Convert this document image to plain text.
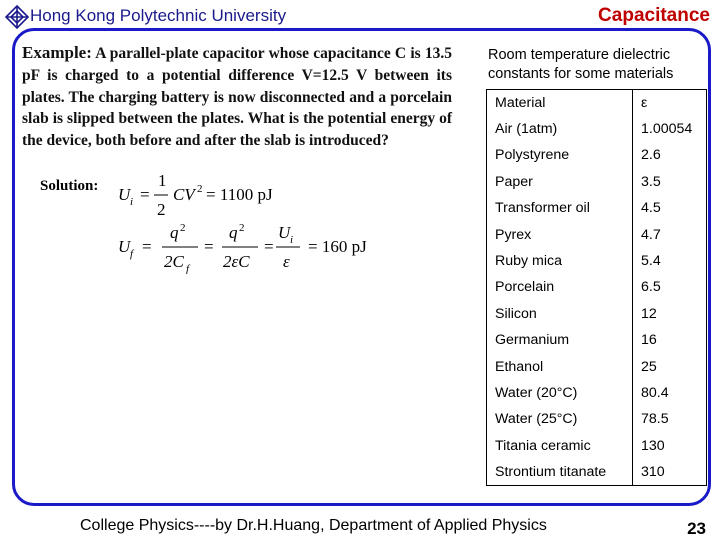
Hong Kong Polytechnic University	Capacitance
Example: A parallel-plate capacitor whose capacitance C is 13.5 pF is charged to a potential difference V=12.5 V between its plates. The charging battery is now disconnected and a porcelain slab is slipped between the plates. What is the potential energy of the device, both before and after the slab is introduced?
Solution: U i =
1
2
CV 2 = 1100 pJ
U f =
q 2
2C f
=
q 2
2εC
=
U i
ε
= 160 pJ
Room temperature dielectric constants for some materials
Material	ε
Air (1atm)	1.00054
Polystyrene	2.6
Paper	3.5
Transformer oil	4.5
Pyrex	4.7
Ruby mica	5.4
Porcelain	6.5
Silicon	12
Germanium	16
Ethanol	25
Water (20°C)	80.4
Water (25°C)	78.5
Titania ceramic	130
Strontium titanate	310
College Physics----by Dr.H.Huang, Department of Applied Physics	23
